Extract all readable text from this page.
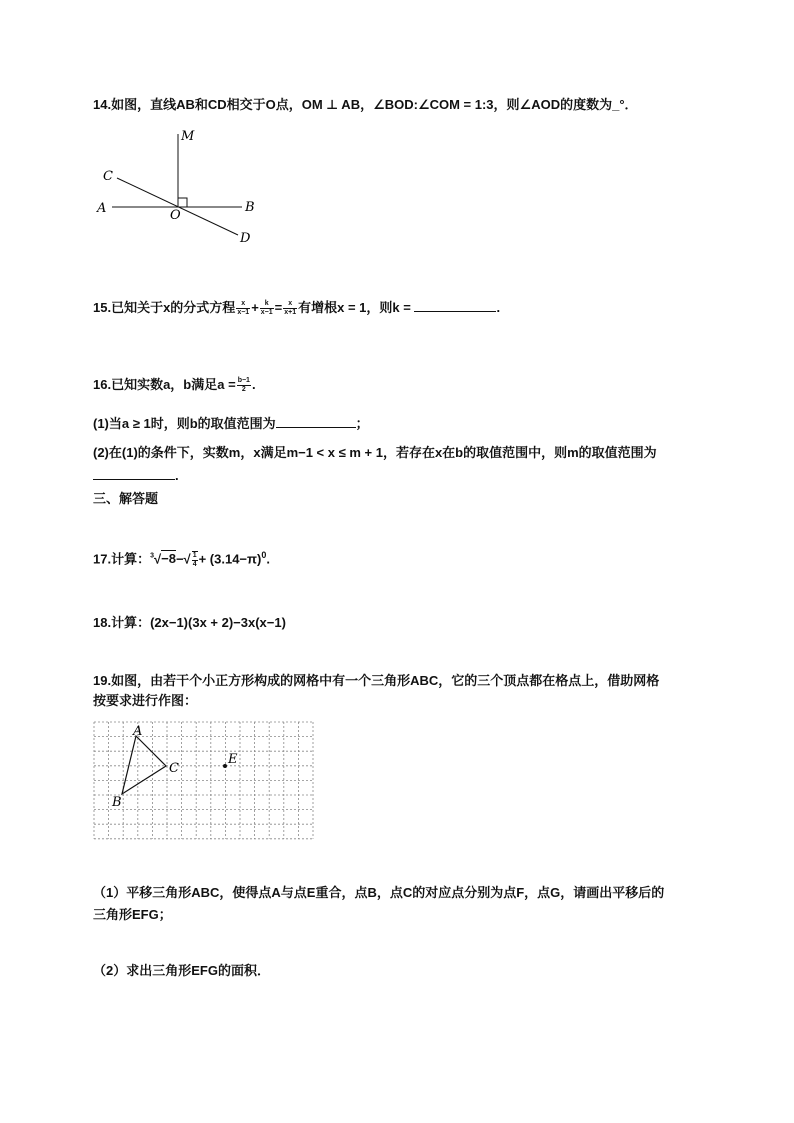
14.如图，直线AB和CD相交于O点，OM ⊥ AB，∠BOD:∠COM = 1:3，则∠AOD的度数为_°．
M
C
A	O
B
D
15.已知关于x的分式方程 $\frac{x}{x-1} + \frac{k}{x-1} = \frac{x}{x+1}$ 有增根x = 1，则k =	.
16.已知实数a，b满足$a = \frac{b-1}{2}$ .
(1)当a ≥ 1时，则b的取值范围为	；
(2)在(1)的条件下，实数m，x满足m−1 < x ≤ m + 1，若存在x在b的取值范围中，则m的取值范围为
.
三、解答题
17.计算：$^3√-8-√ \frac{1}{4} + (3.14-\pi)^0$.
18.计算：(2x−1)(3x + 2)−3x(x−1)
19.如图，由若干个小正方形构成的网格中有一个三角形ABC，它的三个顶点都在格点上，借助网格
按要求进行作图：
A
B
C
E
（1）平移三角形ABC，使得点A与点E重合，点B，点C的对应点分别为点F，点G，请画出平移后的
三角形EFG；
（2）求出三角形EFG的面积．
